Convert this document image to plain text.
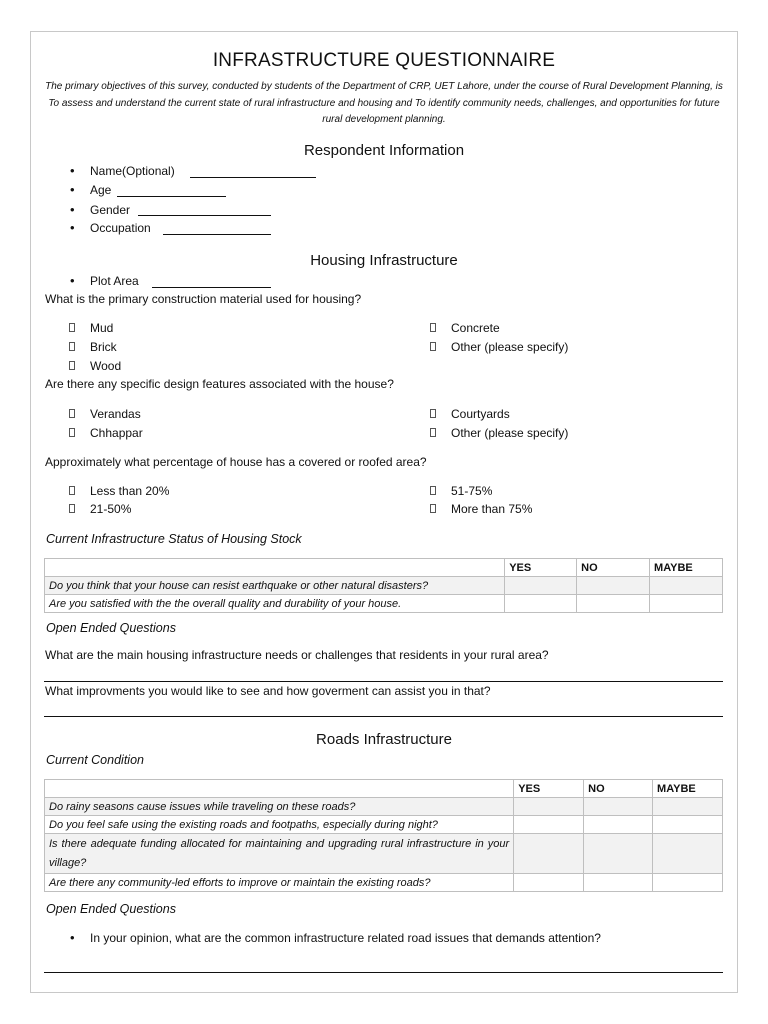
INFRASTRUCTURE QUESTIONNAIRE
The primary objectives of this survey, conducted by students of the Department of CRP, UET Lahore, under the course of Rural Development Planning, is To assess and understand the current state of rural infrastructure and housing and To identify community needs, challenges, and opportunities for future rural development planning.
Respondent Information
• Name(Optional)
• Age
• Gender
• Occupation
Housing Infrastructure
• Plot Area
What is the primary construction material used for housing?
Mud
Brick
Wood
Concrete
Other (please specify)
Are there any specific design features associated with the house?
Verandas
Chhappar
Courtyards
Other (please specify)
Approximately what percentage of house has a covered or roofed area?
Less than 20%
21-50%
51-75%
More than 75%
Current Infrastructure Status of Housing Stock
	YES	NO	MAYBE
Do you think that your house can resist earthquake or other natural disasters?			
Are you satisfied with the the overall quality and durability of your house.			
Open Ended Questions
What are the main housing infrastructure needs or challenges that residents in your rural area?
What improvments you would like to see and how goverment can assist you in that?
Roads Infrastructure
Current Condition
	YES	NO	MAYBE
Do rainy seasons cause issues while traveling on these roads?			
Do you feel safe using the existing roads and footpaths, especially during night?			
Is there adequate funding allocated for maintaining and upgrading rural infrastructure in your village?			
Are there any community-led efforts to improve or maintain the existing roads?			
Open Ended Questions
• In your opinion, what are the common infrastructure related road issues that demands attention?
